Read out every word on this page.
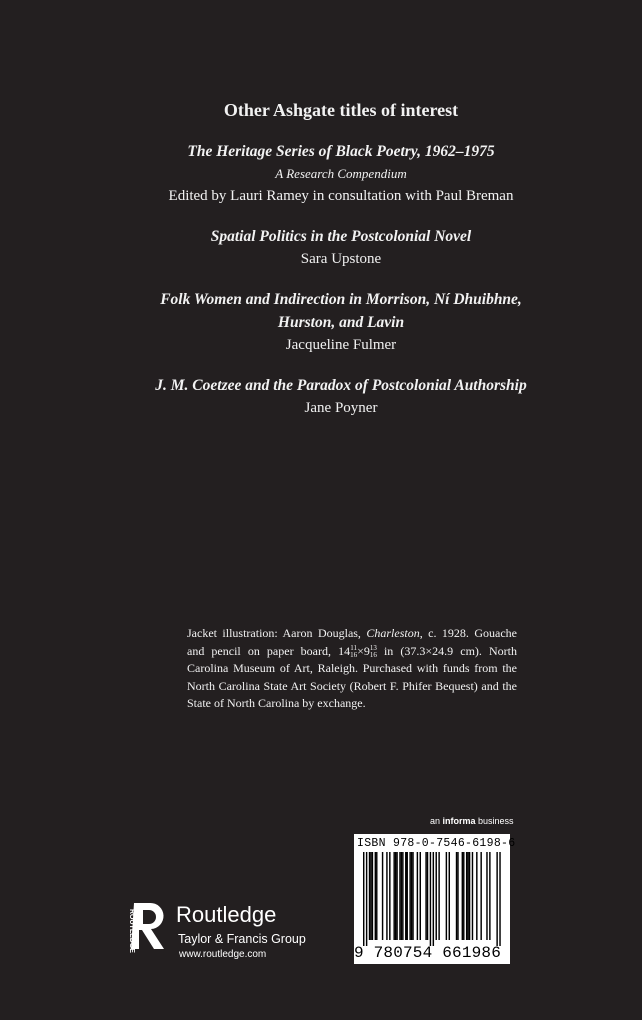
Other Ashgate titles of interest
The Heritage Series of Black Poetry, 1962–1975
A Research Compendium
Edited by Lauri Ramey in consultation with Paul Breman
Spatial Politics in the Postcolonial Novel
Sara Upstone
Folk Women and Indirection in Morrison, Ní Dhuibhne,
Hurston, and Lavin
Jacqueline Fulmer
J. M. Coetzee and the Paradox of Postcolonial Authorship
Jane Poyner
Jacket illustration: Aaron Douglas, Charleston, c. 1928. Gouache and pencil on paper board, 14 11
16 ×9 13
16 in (37.3×24.9 cm). North Carolina Museum of Art, Raleigh. Purchased with funds from the North Carolina State Art Society (Robert F. Phifer Bequest) and the State of North Carolina by exchange.
an informa business
ISBN 978-0-7546-6198-6
9 780754 661986
ROUTLEDGE Routledge
Taylor & Francis Group
www.routledge.com
